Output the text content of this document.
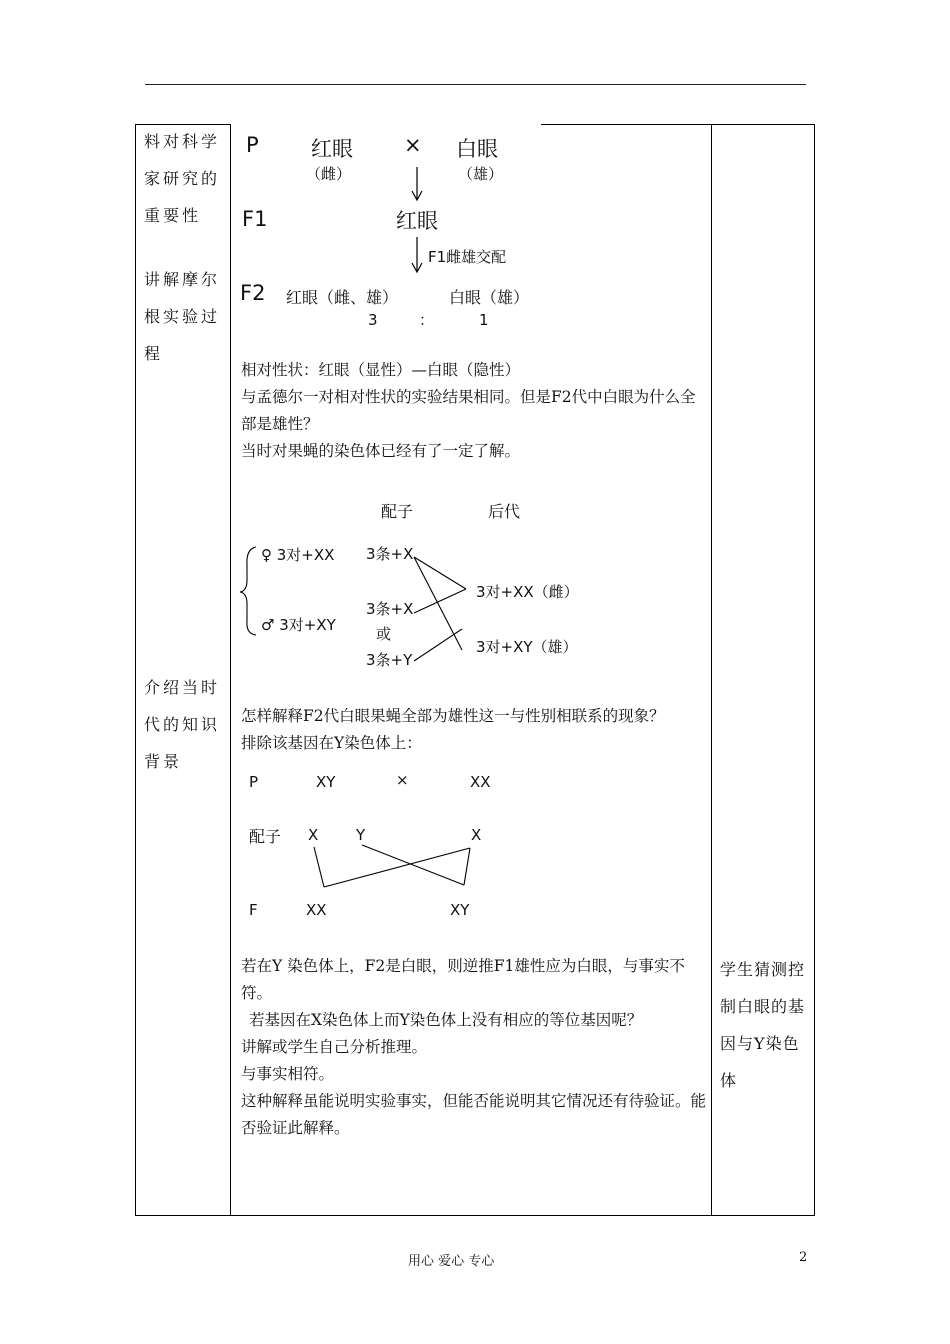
料对科学家研究的重要性
讲解摩尔根实验过程
介绍当时代的知识背景
学生猜测控制白眼的基因与Y染色体
P 红眼 × 白眼
（雌）	（雄）
F1	红眼
F1雌雄交配
F2 红眼（雌、雄）	白眼（雄）
3	：	1
相对性状：红眼（显性）—白眼（隐性）
与孟德尔一对相对性状的实验结果相同。但是F2代中白眼为什么全部是雄性？
当时对果蝇的染色体已经有了一定了解。
配子	后代
♀ 3对+XX
♂ 3对+XY
3条+X
3条+X
或
3条+Y
3对+XX（雌）
3对+XY（雄）
怎样解释F2代白眼果蝇全部为雄性这一与性别相联系的现象？
排除该基因在Y染色体上：
P	XY	×	XX
配子 X	Y	X
F	XX	XY
若在Y 染色体上，F2是白眼，则逆推F1雄性应为白眼，与事实不符。
若基因在X染色体上而Y染色体上没有相应的等位基因呢？
讲解或学生自己分析推理。
与事实相符。
这种解释虽能说明实验事实，但能否能说明其它情况还有待验证。能否验证此解释。
用心 爱心 专心	2
